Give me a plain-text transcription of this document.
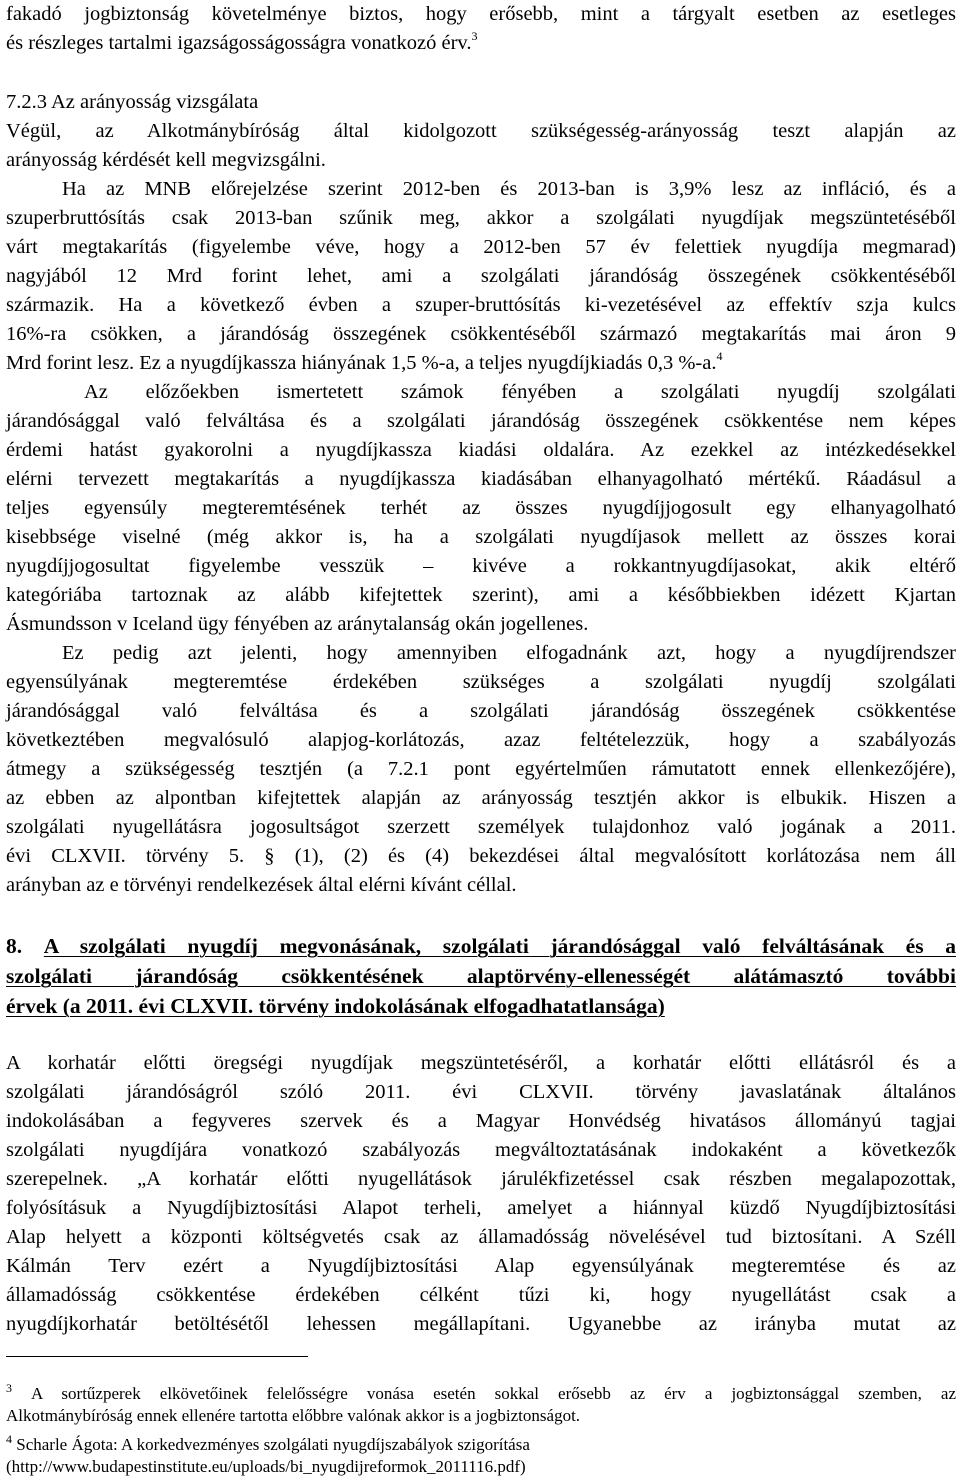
fakadó jogbiztonság követelménye biztos, hogy erősebb, mint a tárgyalt esetben az esetleges
és részleges tartalmi igazságosságosságra vonatkozó érv.$^3$
7.2.3 Az arányosság vizsgálata
Végül, az Alkotmánybíróság által kidolgozott szükségesség-arányosság teszt alapján az
arányosság kérdését kell megvizsgálni.
Ha az MNB előrejelzése szerint 2012-ben és 2013-ban is 3,9% lesz az infláció, és a
szuperbruttósítás csak 2013-ban szűnik meg, akkor a szolgálati nyugdíjak megszüntetéséből
várt megtakarítás (figyelembe véve, hogy a 2012-ben 57 év felettiek nyugdíja megmarad)
nagyjából 12 Mrd forint lehet, ami a szolgálati járandóság összegének csökkentéséből
származik. Ha a következő évben a szuper-bruttósítás ki-vezetésével az effektív szja kulcs
16%-ra csökken, a járandóság összegének csökkentéséből származó megtakarítás mai áron 9
Mrd forint lesz. Ez a nyugdíjkassza hiányának 1,5 %-a, a teljes nyugdíjkiadás 0,3 %-a.$^4$
Az előzőekben ismertetett számok fényében a szolgálati nyugdíj szolgálati
járandósággal való felváltása és a szolgálati járandóság összegének csökkentése nem képes
érdemi hatást gyakorolni a nyugdíjkassza kiadási oldalára. Az ezekkel az intézkedésekkel
elérni tervezett megtakarítás a nyugdíjkassza kiadásában elhanyagolható mértékű. Ráadásul a
teljes egyensúly megteremtésének terhét az összes nyugdíjjogosult egy elhanyagolható
kisebbsége viselné (még akkor is, ha a szolgálati nyugdíjasok mellett az összes korai
nyugdíjjogosultat figyelembe vesszük – kivéve a rokkantnyugdíjasokat, akik eltérő
kategóriába tartoznak az alább kifejtettek szerint), ami a későbbiekben idézett Kjartan
Ásmundsson v Iceland ügy fényében az aránytalanság okán jogellenes.
Ez pedig azt jelenti, hogy amennyiben elfogadnánk azt, hogy a nyugdíjrendszer
egyensúlyának megteremtése érdekében szükséges a szolgálati nyugdíj szolgálati
járandósággal való felváltása és a szolgálati járandóság összegének csökkentése
következtében megvalósuló alapjog-korlátozás, azaz feltételezzük, hogy a szabályozás
átmegy a szükségesség tesztjén (a 7.2.1 pont egyértelműen rámutatott ennek ellenkezőjére),
az ebben az alpontban kifejtettek alapján az arányosság tesztjén akkor is elbukik. Hiszen a
szolgálati nyugellátásra jogosultságot szerzett személyek tulajdonhoz való jogának a 2011.
évi CLXVII. törvény 5. § (1), (2) és (4) bekezdései által megvalósított korlátozása nem áll
arányban az e törvényi rendelkezések által elérni kívánt céllal.
8. A szolgálati nyugdíj megvonásának, szolgálati járandósággal való felváltásának és a
szolgálati járandóság csökkentésének alaptörvény-ellenességét alátámasztó további
érvek (a 2011. évi CLXVII. törvény indokolásának elfogadhatatlansága)
A korhatár előtti öregségi nyugdíjak megszüntetéséről, a korhatár előtti ellátásról és a
szolgálati járandóságról szóló 2011. évi CLXVII. törvény javaslatának általános
indokolásában a fegyveres szervek és a Magyar Honvédség hivatásos állományú tagjai
szolgálati nyugdíjára vonatkozó szabályozás megváltoztatásának indokaként a következők
szerepelnek. „A korhatár előtti nyugellátások járulékfizetéssel csak részben megalapozottak,
folyósításuk a Nyugdíjbiztosítási Alapot terheli, amelyet a hiánnyal küzdő Nyugdíjbiztosítási
Alap helyett a központi költségvetés csak az államadósság növelésével tud biztosítani. A Széll
Kálmán Terv ezért a Nyugdíjbiztosítási Alap egyensúlyának megteremtése és az
államadósság csökkentése érdekében célként tűzi ki, hogy nyugellátást csak a
nyugdíjkorhatár betöltésétől lehessen megállapítani. Ugyanebbe az irányba mutat az
$^3$ A sortűzperek elkövetőinek felelősségre vonása esetén sokkal erősebb az érv a jogbiztonsággal szemben, az
Alkotmánybíróság ennek ellenére tartotta előbbre valónak akkor is a jogbiztonságot.
$^4$ Scharle Ágota: A korkedvezményes szolgálati nyugdíjszabályok szigorítása
(http://www.budapestinstitute.eu/uploads/bi_nyugdijreformok_2011116.pdf)
